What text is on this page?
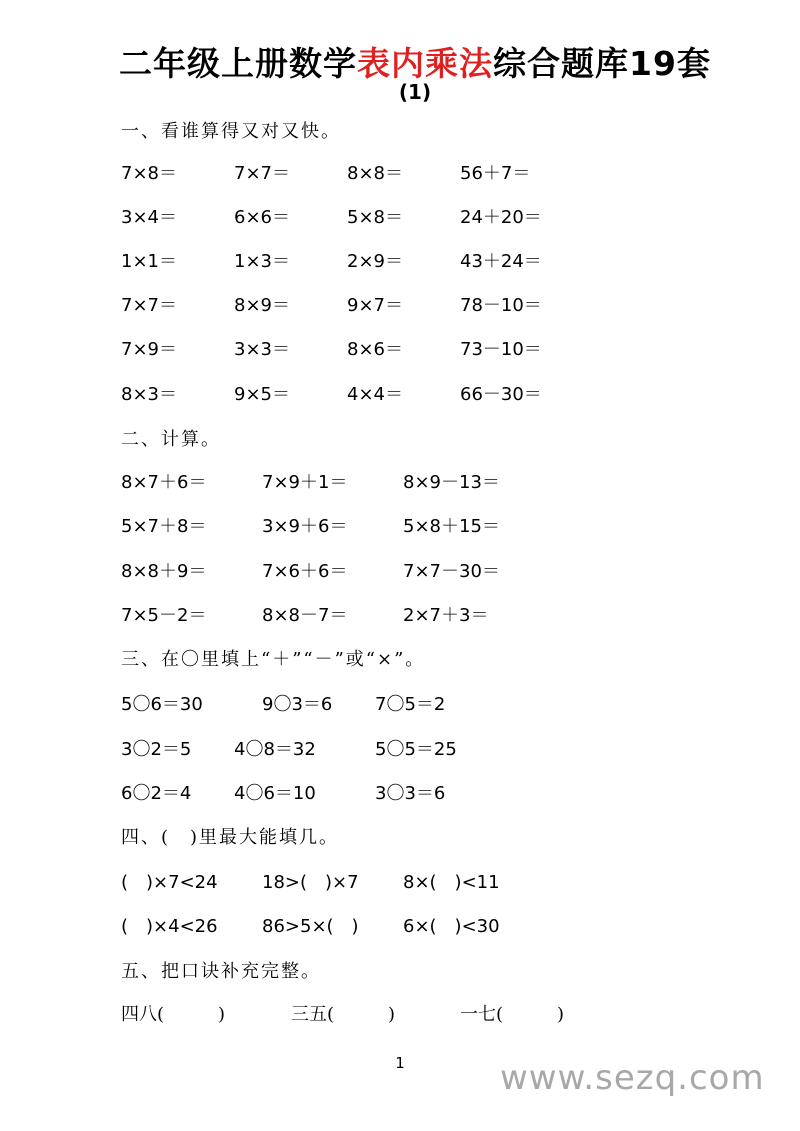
二年级上册数学表内乘法综合题库19套
(1)
一、看谁算得又对又快。
7×8＝	7×7＝	8×8＝	56＋7＝
3×4＝	6×6＝	5×8＝	24＋20＝
1×1＝	1×3＝	2×9＝	43＋24＝
7×7＝	8×9＝	9×7＝	78－10＝
7×9＝	3×3＝	8×6＝	73－10＝
8×3＝	9×5＝	4×4＝	66－30＝
二、计算。
8×7＋6＝	7×9＋1＝	8×9－13＝
5×7＋8＝	3×9＋6＝	5×8＋15＝
8×8＋9＝	7×6＋6＝	7×7－30＝
7×5－2＝	8×8－7＝	2×7＋3＝
三、在〇里填上“＋”“－”或“×”。
5〇6＝30	9〇3＝6 7〇5＝2
3〇2＝5 4〇8＝32	5〇5＝25
6〇2＝4 4〇6＝10	3〇3＝6
四、(　)里最大能填几。
(　)×7<24 18>(　)×7 8×(　)<11
(　)×4<26 86>5×(　) 6×(　)<30
五、把口诀补充完整。
四八(　　　)	三五(　　　)	一七(　　　)
1	www.sezq.com
